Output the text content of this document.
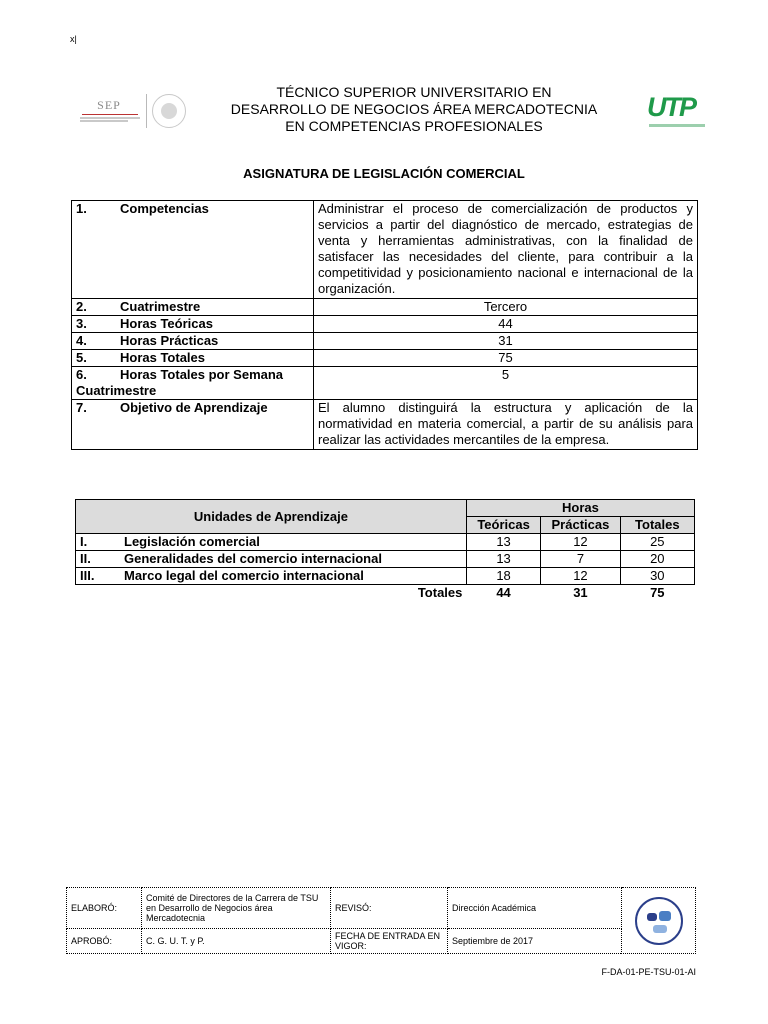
x|
SEP
TÉCNICO SUPERIOR UNIVERSITARIO EN
DESARROLLO DE NEGOCIOS ÁREA MERCADOTECNIA
EN COMPETENCIAS PROFESIONALES
UTP
ASIGNATURA DE LEGISLACIÓN COMERCIAL
1. Competencias	Administrar el proceso de comercialización de productos y servicios a partir del diagnóstico de mercado, estrategias de venta y herramientas administrativas, con la finalidad de satisfacer las necesidades del cliente, para contribuir a la competitividad y posicionamiento nacional e internacional de la organización.
2. Cuatrimestre	Tercero
3. Horas Teóricas	44
4. Horas Prácticas	31
5. Horas Totales	75
6. Horas Totales por Semana Cuatrimestre	5
7. Objetivo de Aprendizaje	El alumno distinguirá la estructura y aplicación de la normatividad en materia comercial, a partir de su análisis para realizar las actividades mercantiles de la empresa.
Unidades de Aprendizaje	Horas		
	Teóricas	Prácticas	Totales
I. Legislación comercial	13	12	25
II. Generalidades del comercio internacional	13	7	20
III. Marco legal del comercio internacional	18	12	30
Totales	44	31	75
ELABORÓ:	Comité de Directores de la Carrera de TSU en Desarrollo de Negocios área Mercadotecnia	REVISÓ:	Dirección Académica	

APROBÓ:	C. G. U. T. y P.	FECHA DE ENTRADA EN VIGOR:	Septiembre de 2017	
F-DA-01-PE-TSU-01-AI
